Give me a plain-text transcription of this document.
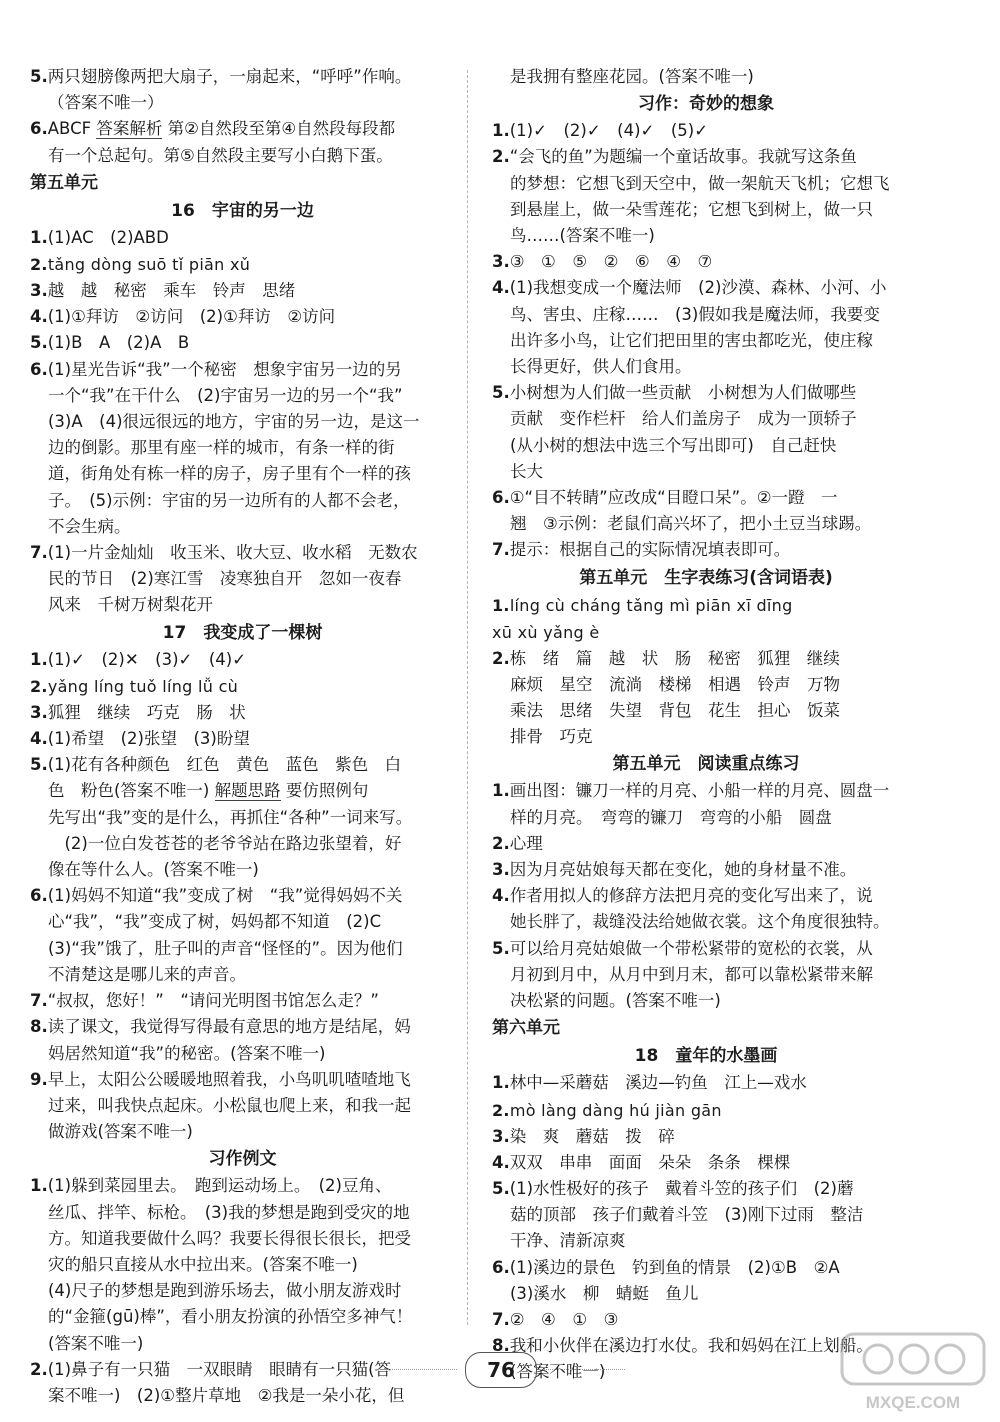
5.两只翅膀像两把大扇子，一扇起来，“呼呼”作响。
（答案不唯一）
6.ABCF 答案解析 第②自然段至第④自然段每段都
有一个总起句。第⑤自然段主要写小白鹅下蛋。
第五单元
16　宇宙的另一边
1.(1)AC　(2)ABD
2.tǎng dòng suō tǐ piān xǔ
3.越　越　秘密　乘车　铃声　思绪
4.(1)①拜访　②访问　(2)①拜访　②访问
5.(1)B　A　(2)A　B
6.(1)星光告诉“我”一个秘密　想象宇宙另一边的另
一个“我”在干什么　(2)宇宙另一边的另一个“我”
(3)A　(4)很远很远的地方，宇宙的另一边，是这一
边的倒影。那里有座一样的城市，有条一样的街
道，街角处有栋一样的房子，房子里有个一样的孩
子。　(5)示例：宇宙的另一边所有的人都不会老，
不会生病。
7.(1)一片金灿灿　收玉米、收大豆、收水稻　无数农
民的节日　(2)寒江雪　凌寒独自开　忽如一夜春
风来　千树万树梨花开
17　我变成了一棵树
1.(1)✓　(2)✕　(3)✓　(4)✓
2.yǎng líng tuǒ líng lǚ cù
3.狐狸　继续　巧克　肠　状
4.(1)希望　(2)张望　(3)盼望
5.(1)花有各种颜色　红色　黄色　蓝色　紫色　白
色　粉色(答案不唯一) 解题思路 要仿照例句
先写出“我”变的是什么，再抓住“各种”一词来写。
　(2)一位白发苍苍的老爷爷站在路边张望着，好
像在等什么人。(答案不唯一)
6.(1)妈妈不知道“我”变成了树　“我”觉得妈妈不关
心“我”，“我”变成了树，妈妈都不知道　(2)C
(3)“我”饿了，肚子叫的声音“怪怪的”。因为他们
不清楚这是哪儿来的声音。
7.“叔叔，您好！”　“请问光明图书馆怎么走？”
8.读了课文，我觉得写得最有意思的地方是结尾，妈
妈居然知道“我”的秘密。(答案不唯一)
9.早上，太阳公公暖暖地照着我，小鸟叽叽喳喳地飞
过来，叫我快点起床。小松鼠也爬上来，和我一起
做游戏(答案不唯一)
习作例文
1.(1)躲到菜园里去。　跑到运动场上。　(2)豆角、
丝瓜、拌竿、标枪。　(3)我的梦想是跑到受灾的地
方。知道我要做什么吗？我要长得很长很长，把受
灾的船只直接从水中拉出来。(答案不唯一)
(4)尺子的梦想是跑到游乐场去，做小朋友游戏时
的“金箍(gū)棒”，看小朋友扮演的孙悟空多神气！
(答案不唯一)
2.(1)鼻子有一只猫　一双眼睛　眼睛有一只猫(答
案不唯一)　(2)①整片草地　②我是一朵小花，但
是我拥有整座花园。(答案不唯一)
习作：奇妙的想象
1.(1)✓　(2)✓　(4)✓　(5)✓
2.“会飞的鱼”为题编一个童话故事。我就写这条鱼
的梦想：它想飞到天空中，做一架航天飞机；它想飞
到悬崖上，做一朵雪莲花；它想飞到树上，做一只
鸟……(答案不唯一)
3.③　①　⑤　②　⑥　④　⑦
4.(1)我想变成一个魔法师　(2)沙漠、森林、小河、小
鸟、害虫、庄稼……　(3)假如我是魔法师，我要变
出许多小鸟，让它们把田里的害虫都吃光，使庄稼
长得更好，供人们食用。
5.小树想为人们做一些贡献　小树想为人们做哪些
贡献　变作栏杆　给人们盖房子　成为一顶轿子
(从小树的想法中选三个写出即可)　自己赶快
长大
6.①“目不转睛”应改成“目瞪口呆”。②一蹬　一
翘　③示例：老鼠们高兴坏了，把小土豆当球踢。
7.提示：根据自己的实际情况填表即可。
第五单元　生字表练习(含词语表)
1.líng cù cháng tǎng mì piān xī dīng
xū xù yǎng è
2.栋　绪　篇　越　状　肠　秘密　狐狸　继续
麻烦　星空　流淌　楼梯　相遇　铃声　万物
乘法　思绪　失望　背包　花生　担心　饭菜
排骨　巧克
第五单元　阅读重点练习
1.画出图：镰刀一样的月亮、小船一样的月亮、圆盘一
样的月亮。　弯弯的镰刀　弯弯的小船　圆盘
2.心理
3.因为月亮姑娘每天都在变化，她的身材量不准。
4.作者用拟人的修辞方法把月亮的变化写出来了，说
她长胖了，裁缝没法给她做衣裳。这个角度很独特。
5.可以给月亮姑娘做一个带松紧带的宽松的衣裳，从
月初到月中，从月中到月末，都可以靠松紧带来解
决松紧的问题。(答案不唯一)
第六单元
18　童年的水墨画
1.林中—采蘑菇　溪边—钓鱼　江上—戏水
2.mò làng dàng hú jiàn gān
3.染　爽　蘑菇　拨　碎
4.双双　串串　面面　朵朵　条条　棵棵
5.(1)水性极好的孩子　戴着斗笠的孩子们　(2)蘑
菇的顶部　孩子们戴着斗笠　(3)刚下过雨　整洁
干净、清新凉爽
6.(1)溪边的景色　钓到鱼的情景　(2)①B　②A
(3)溪水　柳　蜻蜓　鱼儿
7.②　④　①　③
8.我和小伙伴在溪边打水仗。我和妈妈在江上划船。
(答案不唯一)
76
MXQE.COM
